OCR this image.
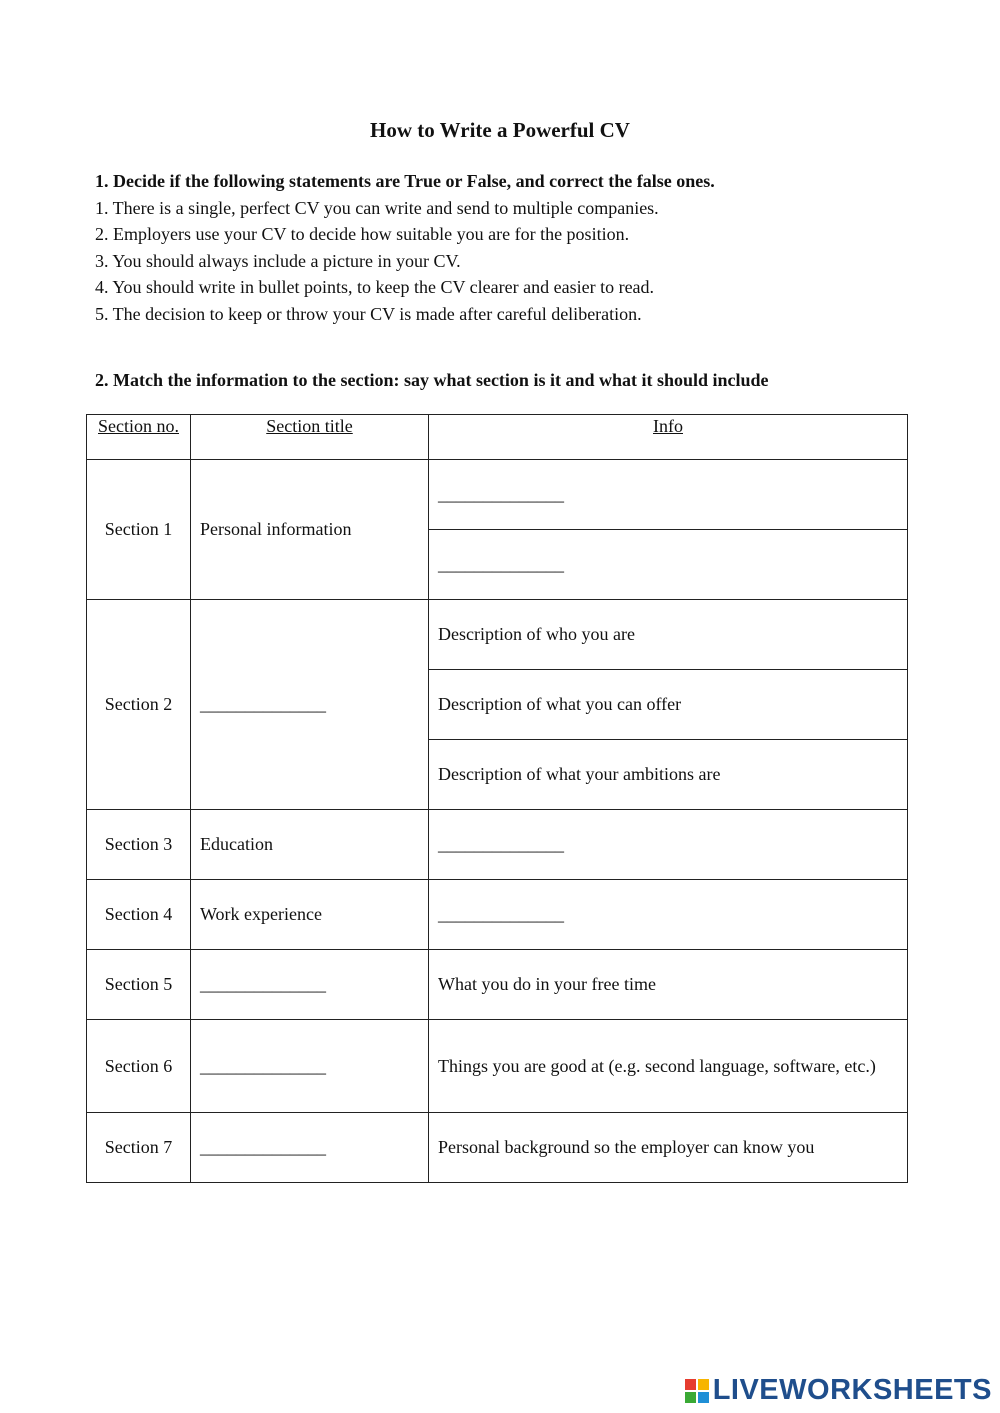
How to Write a Powerful CV
1. Decide if the following statements are True or False, and correct the false ones.
1. There is a single, perfect CV you can write and send to multiple companies.
2. Employers use your CV to decide how suitable you are for the position.
3. You should always include a picture in your CV.
4. You should write in bullet points, to keep the CV clearer and easier to read.
5. The decision to keep or throw your CV is made after careful deliberation.
2. Match the information to the section: say what section is it and what it should include
Section no.	Section title	Info
Section 1	Personal information	______________
		______________
Section 2	______________	Description of who you are
		Description of what you can offer
		Description of what your ambitions are
Section 3	Education	______________
Section 4	Work experience	______________
Section 5	______________	What you do in your free time
Section 6	______________	Things you are good at (e.g. second language, software, etc.)
Section 7	______________	Personal background so the employer can know you
LIVEWORKSHEETS
